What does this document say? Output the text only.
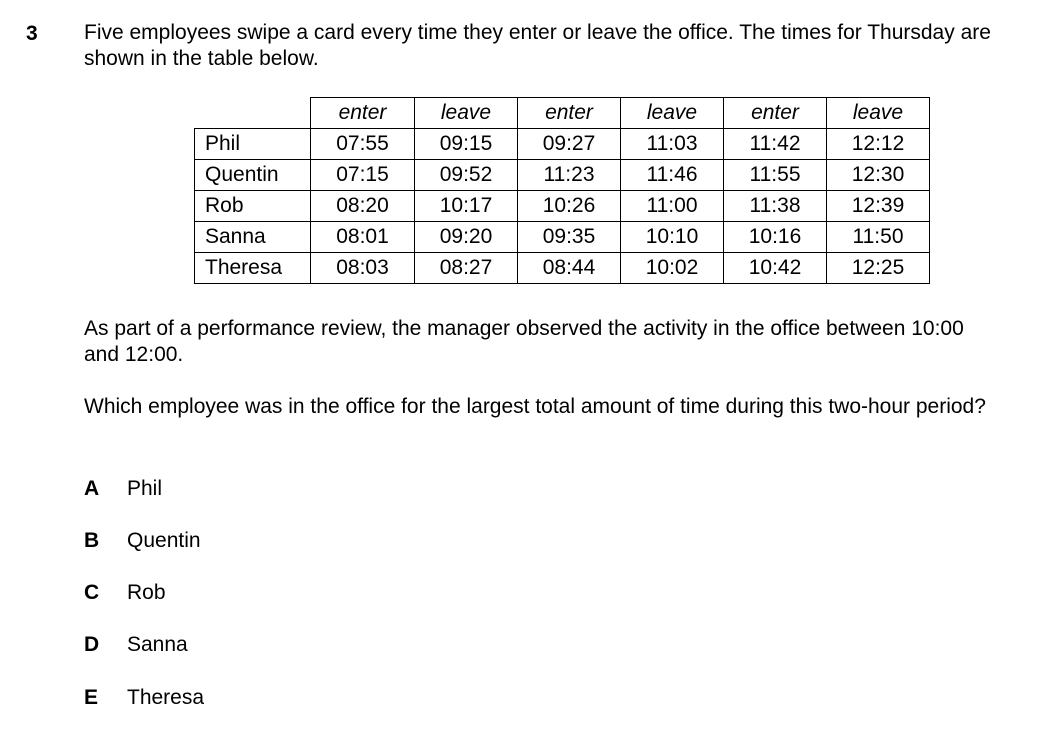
3 Five employees swipe a card every time they enter or leave the office. The times for Thursday are shown in the table below.
	enter	leave	enter	leave	enter	leave
Phil	07:55	09:15	09:27	11:03	11:42	12:12
Quentin	07:15	09:52	11:23	11:46	11:55	12:30
Rob	08:20	10:17	10:26	11:00	11:38	12:39
Sanna	08:01	09:20	09:35	10:10	10:16	11:50
Theresa	08:03	08:27	08:44	10:02	10:42	12:25
As part of a performance review, the manager observed the activity in the office between 10:00 and 12:00.
Which employee was in the office for the largest total amount of time during this two-hour period?
A Phil
B Quentin
C Rob
D Sanna
E Theresa
